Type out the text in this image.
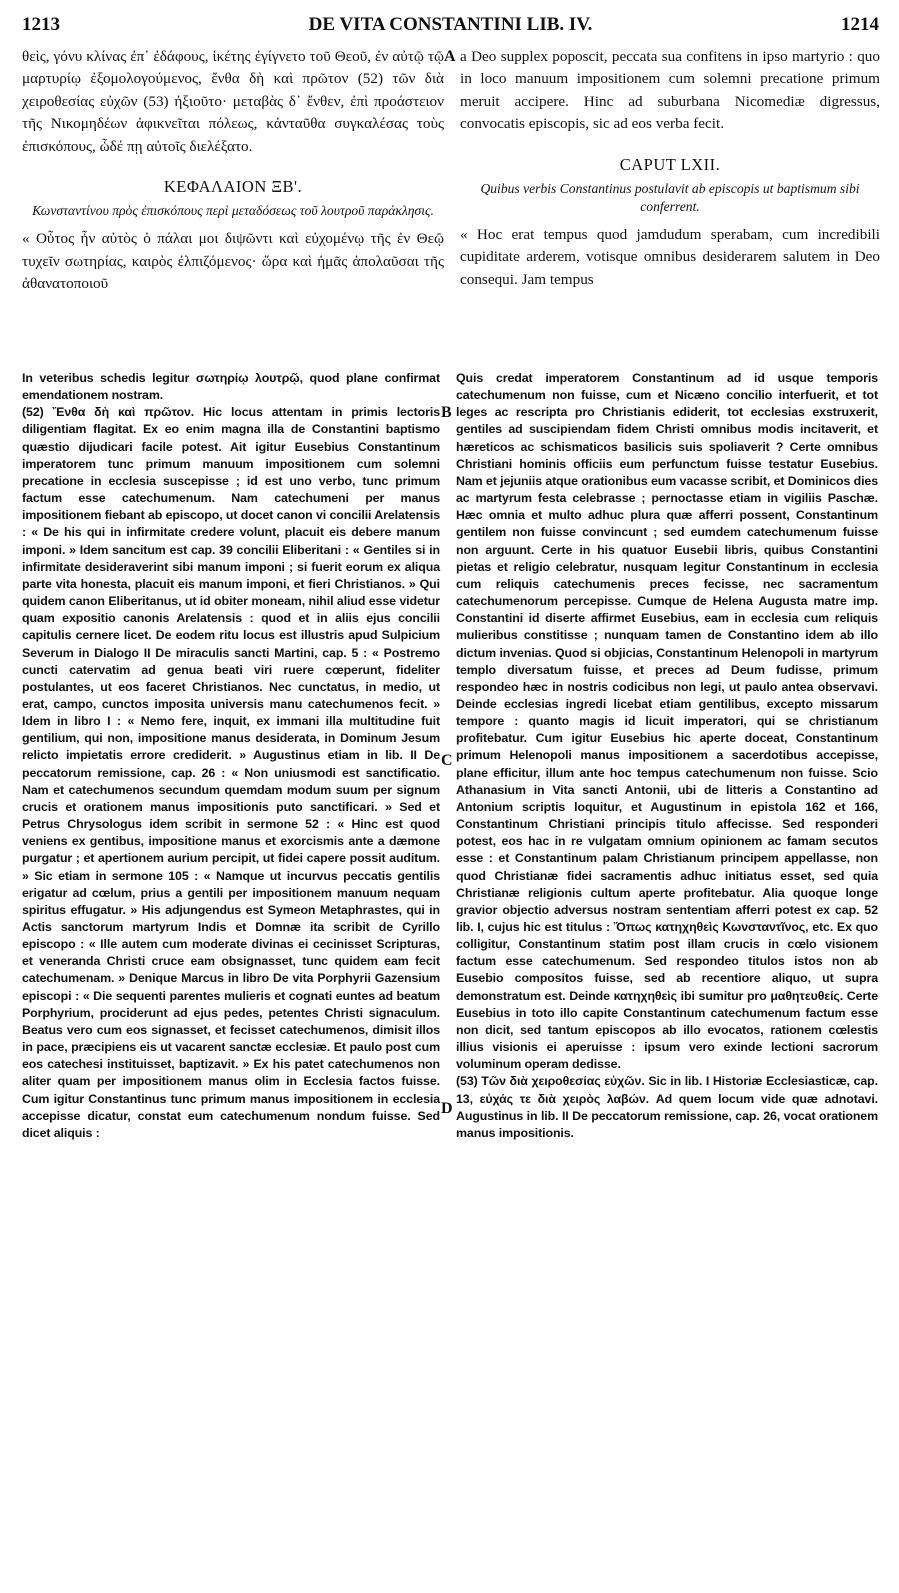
1213	DE VITA CONSTANTINI LIB. IV.	1214

θεὶς, γόνυ κλίνας ἐπ᾽ ἐδάφους, ἱκέτης ἐγίγνετο τοῦ Θεοῦ, ἐν αὐτῷ τῷ μαρτυρίῳ ἐξομολογούμενος, ἔνθα δὴ καὶ πρῶτον (52) τῶν διὰ χειροθεσίας εὐχῶν (53) ἠξιοῦτο· μεταβὰς δ᾽ ἔνθεν, ἐπὶ προάστειον τῆς Νικομηδέων ἀφικνεῖται πόλεως, κἀνταῦθα συγκαλέσας τοὺς ἐπισκόπους, ὧδέ πῃ αὐτοῖς διελέξατο.

ΚΕΦΑΛΑΙΟΝ ΞΒ'.
Κωνσταντίνου πρὸς ἐπισκόπους περὶ μεταδόσεως τοῦ λουτροῦ παράκλησις.

« Οὗτος ἦν αὐτὸς ὁ πάλαι μοι διψῶντι καὶ εὐχομένῳ τῆς ἐν Θεῷ τυχεῖν σωτηρίας, καιρὸς ἐλπιζόμενος· ὥρα καὶ ἡμᾶς ἀπολαῦσαι τῆς ἀθανατοποιοῦ

a Deo supplex poposcit, peccata sua confitens in ipso martyrio : quo in loco manuum impositionem cum solemni precatione primum meruit accipere. Hinc ad suburbana Nicomediæ digressus, convocatis episcopis, sic ad eos verba fecit.

CAPUT LXII.
Quibus verbis Constantinus postulavit ab episcopis ut baptismum sibi conferrent.

« Hoc erat tempus quod jamdudum sperabam, cum incredibili cupiditate arderem, votisque omnibus desiderarem salutem in Deo consequi. Jam tempus

A
B
C
D

In veteribus schedis legitur σωτηρίῳ λουτρῷ, quod plane confirmat emendationem nostram.

(52) Ἔνθα δὴ καὶ πρῶτον. Hic locus attentam in primis lectoris diligentiam flagitat. Ex eo enim magna illa de Constantini baptismo quæstio dijudicari facile potest. Ait igitur Eusebius Constantinum imperatorem tunc primum manuum impositionem cum solemni precatione in ecclesia suscepisse ; id est uno verbo, tunc primum factum esse catechumenum. Nam catechumeni per manus impositionem fiebant ab episcopo, ut docet canon vi concilii Arelatensis : « De his qui in infirmitate credere volunt, placuit eis debere manum imponi. » Idem sancitum est cap. 39 concilii Eliberitani : « Gentiles si in infirmitate desideraverint sibi manum imponi ; si fuerit eorum ex aliqua parte vita honesta, placuit eis manum imponi, et fieri Christianos. » Qui quidem canon Eliberitanus, ut id obiter moneam, nihil aliud esse videtur quam expositio canonis Arelatensis : quod et in aliis ejus concilii capitulis cernere licet. De eodem ritu locus est illustris apud Sulpicium Severum in Dialogo II De miraculis sancti Martini, cap. 5 : « Postremo cuncti catervatim ad genua beati viri ruere cœperunt, fideliter postulantes, ut eos faceret Christianos. Nec cunctatus, in medio, ut erat, campo, cunctos imposita universis manu catechumenos fecit. » Idem in libro I : « Nemo fere, inquit, ex immani illa multitudine fuit gentilium, qui non, impositione manus desiderata, in Dominum Jesum relicto impietatis errore crediderit. » Augustinus etiam in lib. II De peccatorum remissione, cap. 26 : « Non uniusmodi est sanctificatio. Nam et catechumenos secundum quemdam modum suum per signum crucis et orationem manus impositionis puto sanctificari. » Sed et Petrus Chrysologus idem scribit in sermone 52 : « Hinc est quod veniens ex gentibus, impositione manus et exorcismis ante a dæmone purgatur ; et apertionem aurium percipit, ut fidei capere possit auditum. » Sic etiam in sermone 105 : « Namque ut incurvus peccatis gentilis erigatur ad cœlum, prius a gentili per impositionem manuum nequam spiritus effugatur. » His adjungendus est Symeon Metaphrastes, qui in Actis sanctorum martyrum Indis et Domnæ ita scribit de Cyrillo episcopo : « Ille autem cum moderate divinas ei cecinisset Scripturas, et veneranda Christi cruce eam obsignasset, tunc quidem eam fecit catechumenam. » Denique Marcus in libro De vita Porphyrii Gazensium episcopi : « Die sequenti parentes mulieris et cognati euntes ad beatum Porphyrium, prociderunt ad ejus pedes, petentes Christi signaculum. Beatus vero cum eos signasset, et fecisset catechumenos, dimisit illos in pace, præcipiens eis ut vacarent sanctæ ecclesiæ. Et paulo post cum eos catechesi instituisset, baptizavit. » Ex his patet catechumenos non aliter quam per impositionem manus olim in Ecclesia factos fuisse. Cum igitur Constantinus tunc primum manus impositionem in ecclesia accepisse dicatur, constat eum catechumenum nondum fuisse. Sed dicet aliquis :

Quis credat imperatorem Constantinum ad id usque temporis catechumenum non fuisse, cum et Nicæno concilio interfuerit, et tot leges ac rescripta pro Christianis ediderit, tot ecclesias exstruxerit, gentiles ad suscipiendam fidem Christi omnibus modis incitaverit, et hæreticos ac schismaticos basilicis suis spoliaverit ? Certe omnibus Christiani hominis officiis eum perfunctum fuisse testatur Eusebius. Nam et jejuniis atque orationibus eum vacasse scribit, et Dominicos dies ac martyrum festa celebrasse ; pernoctasse etiam in vigiliis Paschæ. Hæc omnia et multo adhuc plura quæ afferri possent, Constantinum gentilem non fuisse convincunt ; sed eumdem catechumenum fuisse non arguunt. Certe in his quatuor Eusebii libris, quibus Constantini pietas et religio celebratur, nusquam legitur Constantinum in ecclesia cum reliquis catechumenis preces fecisse, nec sacramentum catechumenorum percepisse. Cumque de Helena Augusta matre imp. Constantini id diserte affirmet Eusebius, eam in ecclesia cum reliquis mulieribus constitisse ; nunquam tamen de Constantino idem ab illo dictum invenias. Quod si objicias, Constantinum Helenopoli in martyrum templo diversatum fuisse, et preces ad Deum fudisse, primum respondeo hæc in nostris codicibus non legi, ut paulo antea observavi. Deinde ecclesias ingredi licebat etiam gentilibus, excepto missarum tempore : quanto magis id licuit imperatori, qui se christianum profitebatur. Cum igitur Eusebius hic aperte doceat, Constantinum primum Helenopoli manus impositionem a sacerdotibus accepisse, plane efficitur, illum ante hoc tempus catechumenum non fuisse. Scio Athanasium in Vita sancti Antonii, ubi de litteris a Constantino ad Antonium scriptis loquitur, et Augustinum in epistola 162 et 166, Constantinum Christiani principis titulo affecisse. Sed responderi potest, eos hac in re vulgatam omnium opinionem ac famam secutos esse : et Constantinum palam Christianum principem appellasse, non quod Christianæ fidei sacramentis adhuc initiatus esset, sed quia Christianæ religionis cultum aperte profitebatur. Alia quoque longe gravior objectio adversus nostram sententiam afferri potest ex cap. 52 lib. I, cujus hic est titulus : Ὅπως κατηχηθεὶς Κωνσταντῖνος, etc. Ex quo colligitur, Constantinum statim post illam crucis in cœlo visionem factum esse catechumenum. Sed respondeo titulos istos non ab Eusebio compositos fuisse, sed ab recentiore aliquo, ut supra demonstratum est. Deinde κατηχηθεὶς ibi sumitur pro μαθητευθείς. Certe Eusebius in toto illo capite Constantinum catechumenum factum esse non dicit, sed tantum episcopos ab illo evocatos, rationem cœlestis illius visionis ei aperuisse : ipsum vero exinde lectioni sacrorum voluminum operam dedisse.

(53) Τῶν διὰ χειροθεσίας εὐχῶν. Sic in lib. I Historiæ Ecclesiasticæ, cap. 13, εὐχάς τε διὰ χειρὸς λαβών. Ad quem locum vide quæ adnotavi. Augustinus in lib. II De peccatorum remissione, cap. 26, vocat orationem manus impositionis.
